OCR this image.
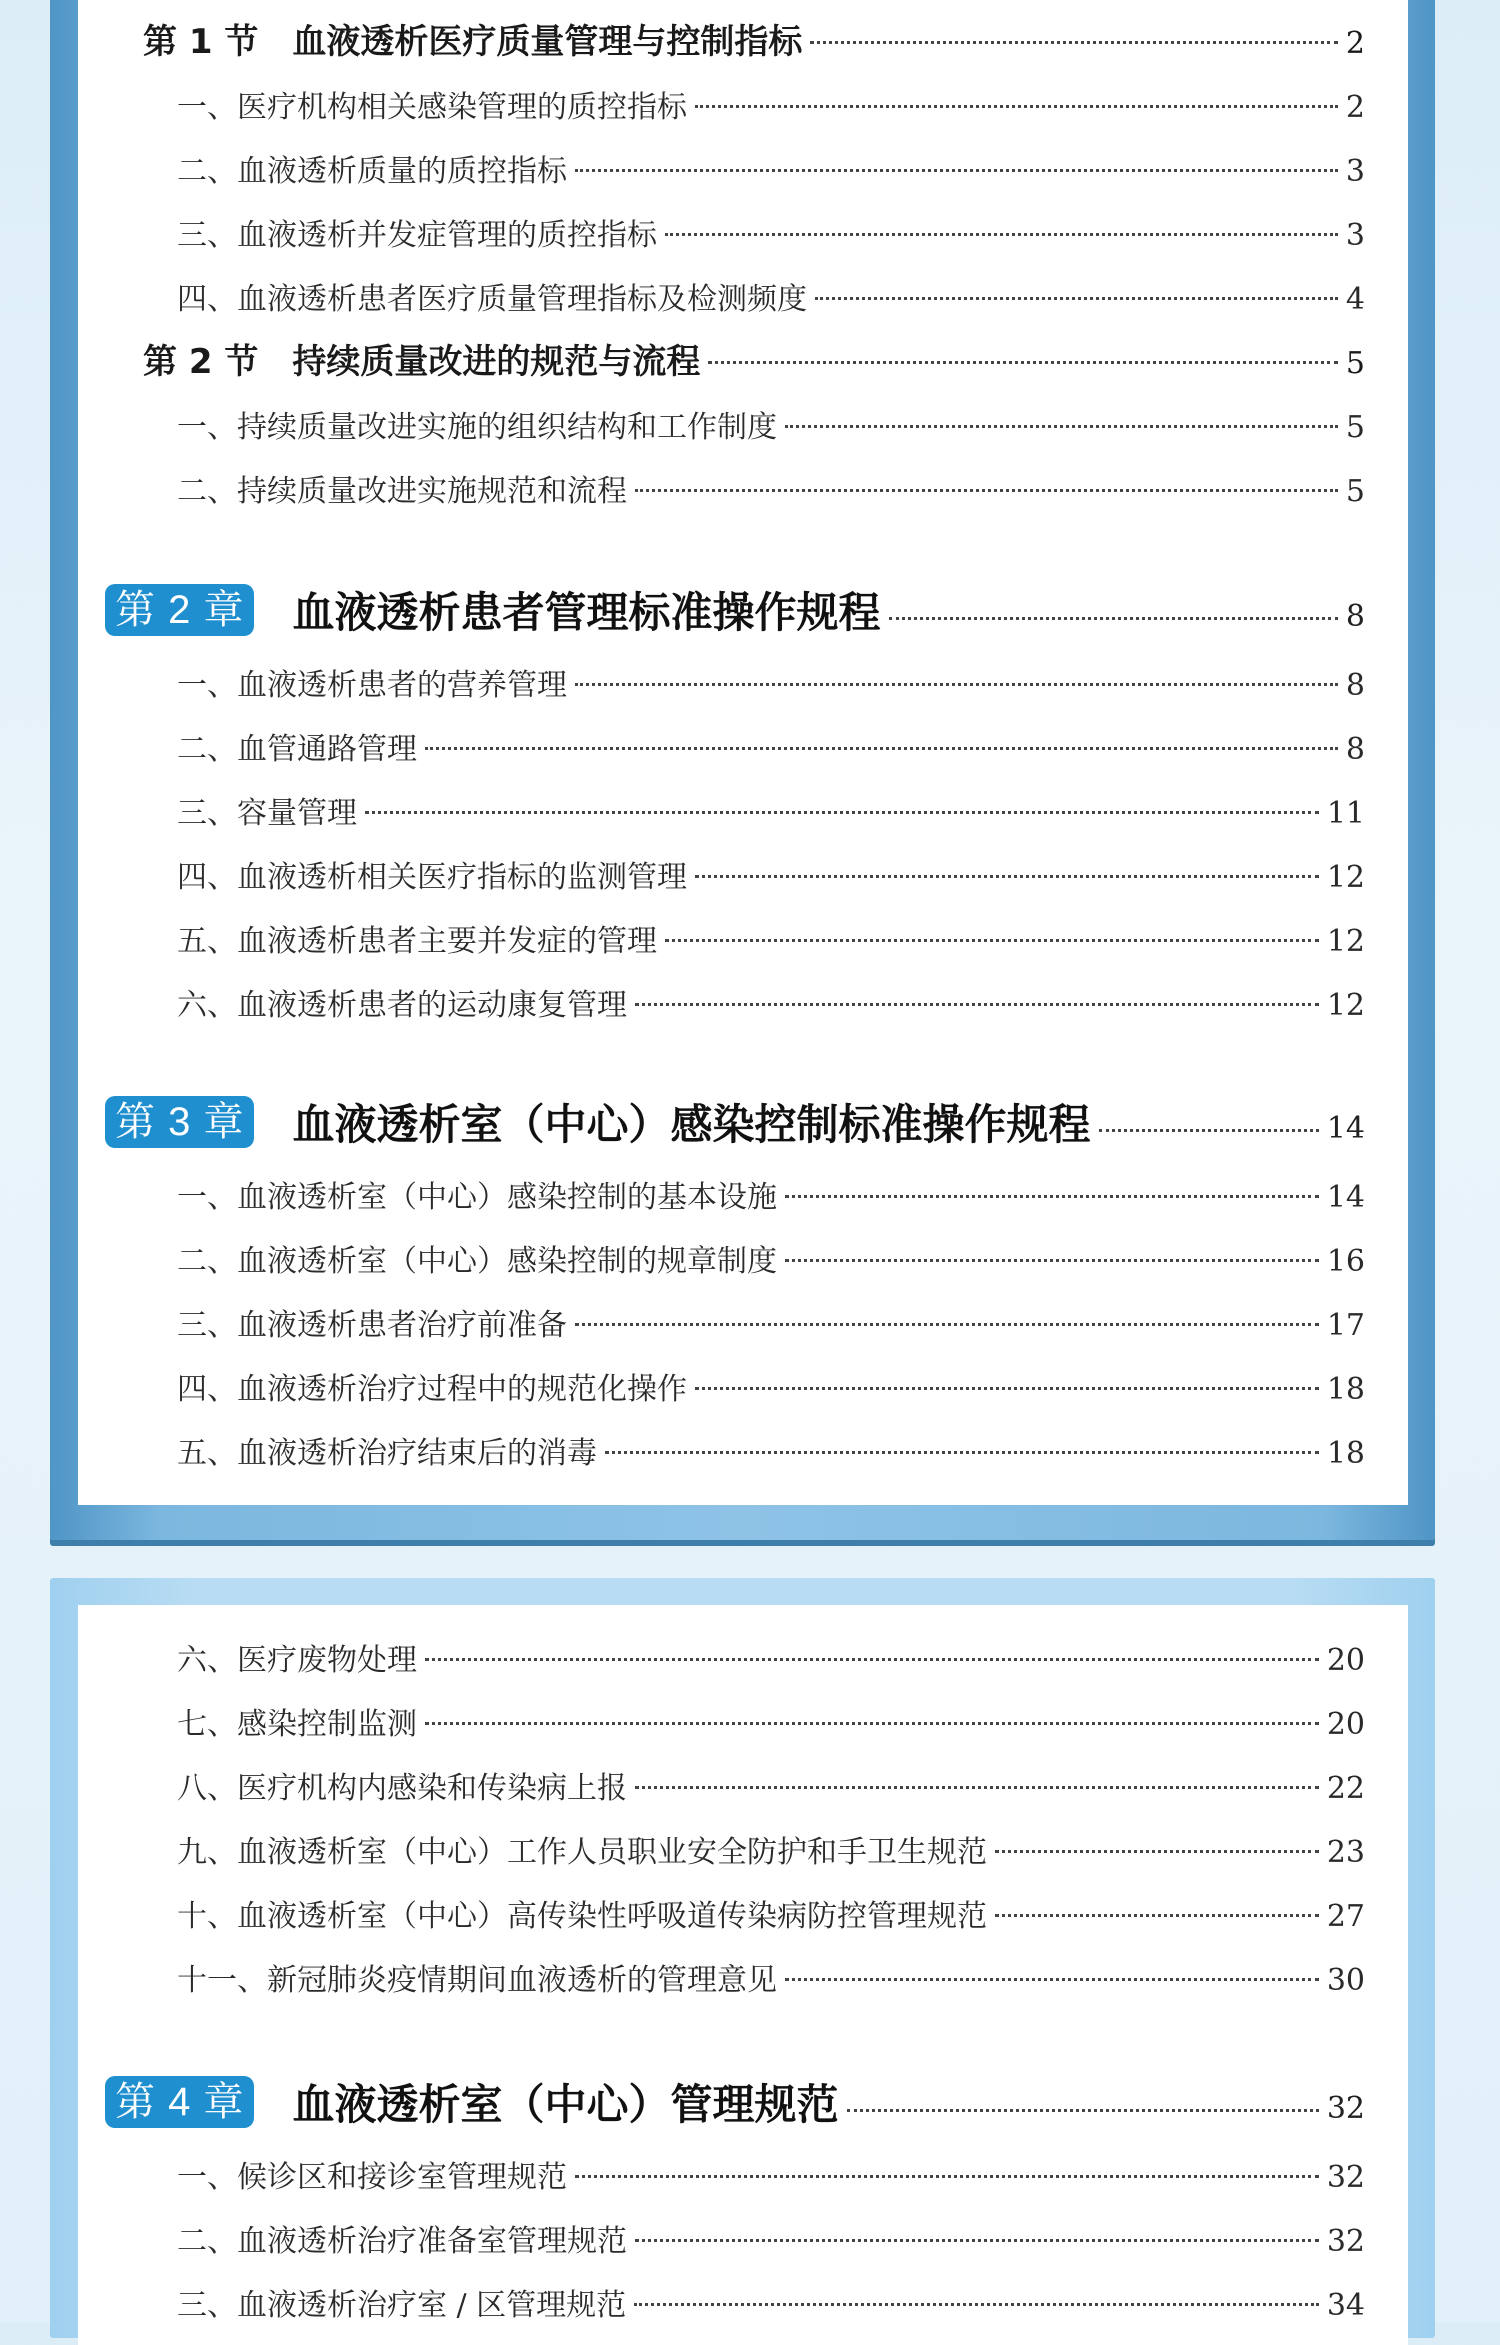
第 1 节　血液透析医疗质量管理与控制指标	2
一、医疗机构相关感染管理的质控指标	2
二、血液透析质量的质控指标	3
三、血液透析并发症管理的质控指标	3
四、血液透析患者医疗质量管理指标及检测频度	4
第 2 节　持续质量改进的规范与流程	5
一、持续质量改进实施的组织结构和工作制度	5
二、持续质量改进实施规范和流程	5
第 2 章 血液透析患者管理标准操作规程	8
一、血液透析患者的营养管理	8
二、血管通路管理	8
三、容量管理	11
四、血液透析相关医疗指标的监测管理	12
五、血液透析患者主要并发症的管理	12
六、血液透析患者的运动康复管理	12
第 3 章 血液透析室（中心）感染控制标准操作规程	14
一、血液透析室（中心）感染控制的基本设施	14
二、血液透析室（中心）感染控制的规章制度	16
三、血液透析患者治疗前准备	17
四、血液透析治疗过程中的规范化操作	18
五、血液透析治疗结束后的消毒	18
六、医疗废物处理	20
七、感染控制监测	20
八、医疗机构内感染和传染病上报	22
九、血液透析室（中心）工作人员职业安全防护和手卫生规范	23
十、血液透析室（中心）高传染性呼吸道传染病防控管理规范	27
十一、新冠肺炎疫情期间血液透析的管理意见	30
第 4 章 血液透析室（中心）管理规范	32
一、候诊区和接诊室管理规范	32
二、血液透析治疗准备室管理规范	32
三、血液透析治疗室 / 区管理规范	34
